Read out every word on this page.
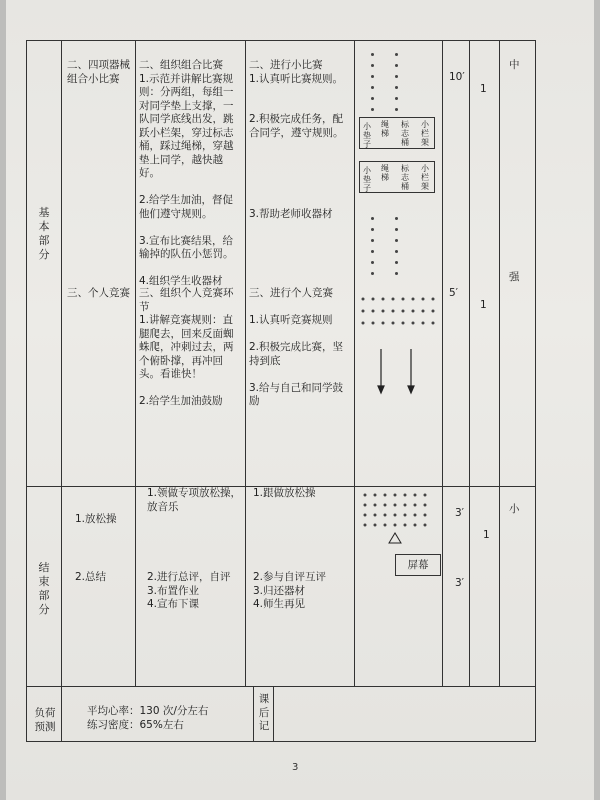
基
本
部
分
结
束
部
分
二、四项器械
组合小比赛
二、组织组合比赛
1.示范并讲解比赛规
则：分两组，每组一
对同学垫上支撑，一
队同学底线出发，跳
跃小栏架，穿过标志
桶，踩过绳梯，穿越
垫上同学，越快越
好。

2.给学生加油，督促
他们遵守规则。

3.宣布比赛结果，给
输掉的队伍小惩罚。

4.组织学生收器材
二、进行小比赛
1.认真听比赛规则。

2.积极完成任务，配
合同学，遵守规则。

3.帮助老师收器材
10′
1
中
小
垫
子
绳
梯
标
志
桶
小
栏
架
小
垫
子
绳
梯
标
志
桶
小
栏
架
三、个人竞赛 三、组织个人竞赛环
节
1.讲解竞赛规则：直
腿爬去，回来反面蜘
蛛爬，冲刺过去，两
个俯卧撑，再冲回
头。看谁快！

2.给学生加油鼓励
三、进行个人竞赛

1.认真听竞赛规则

2.积极完成比赛，坚
持到底

3.给与自己和同学鼓
励
5′
1
强
1.放松操
1.领做专项放松操，
放音乐
1.跟做放松操
3′
1
小
屏幕
2.总结	2.进行总评，自评
3.布置作业
4.宣布下课
2.参与自评互评
3.归还器材
4.师生再见
3′
负荷
预测
平均心率：130 次/分左右
练习密度：65%左右
课
后
记
3
